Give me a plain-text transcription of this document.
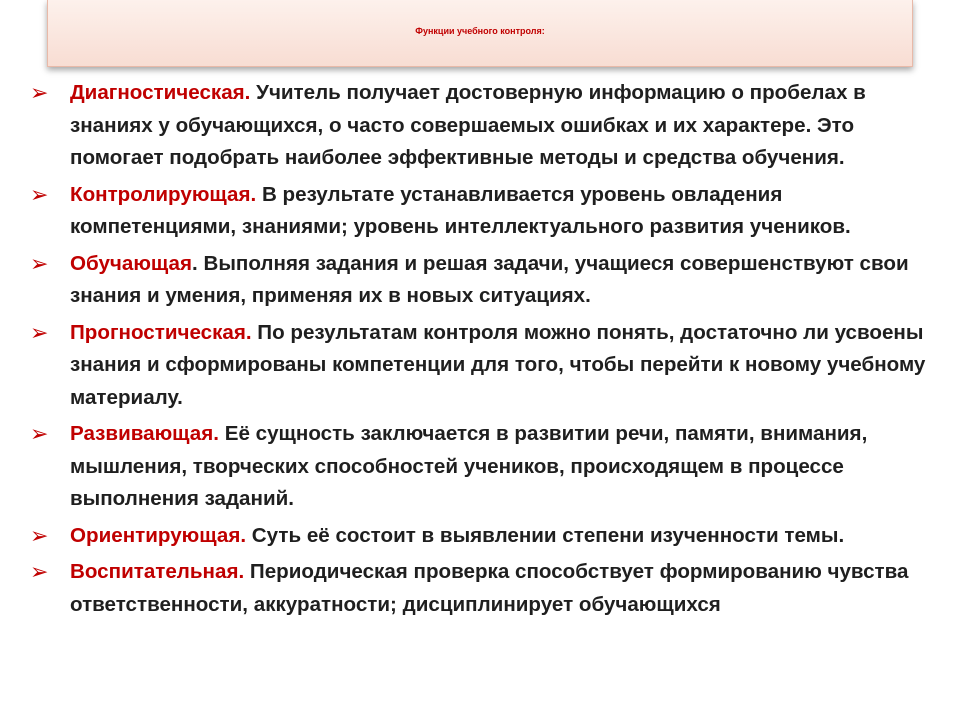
Функции учебного контроля:
➢ Диагностическая. Учитель получает достоверную информацию о пробелах в знаниях у обучающихся, о часто совершаемых ошибках и их характере. Это помогает подобрать наиболее эффективные методы и средства обучения.
➢ Контролирующая. В результате устанавливается уровень овладения компетенциями, знаниями; уровень интеллектуального развития учеников.
➢ Обучающая. Выполняя задания и решая задачи, учащиеся совершенствуют свои знания и умения, применяя их в новых ситуациях.
➢ Прогностическая. По результатам контроля можно понять, достаточно ли усвоены знания и сформированы компетенции для того, чтобы перейти к новому учебному материалу.
➢ Развивающая. Её сущность заключается в развитии речи, памяти, внимания, мышления, творческих способностей учеников, происходящем в процессе выполнения заданий.
➢ Ориентирующая. Суть её состоит в выявлении степени изученности темы.
➢ Воспитательная. Периодическая проверка способствует формированию чувства ответственности, аккуратности; дисциплинирует обучающихся
